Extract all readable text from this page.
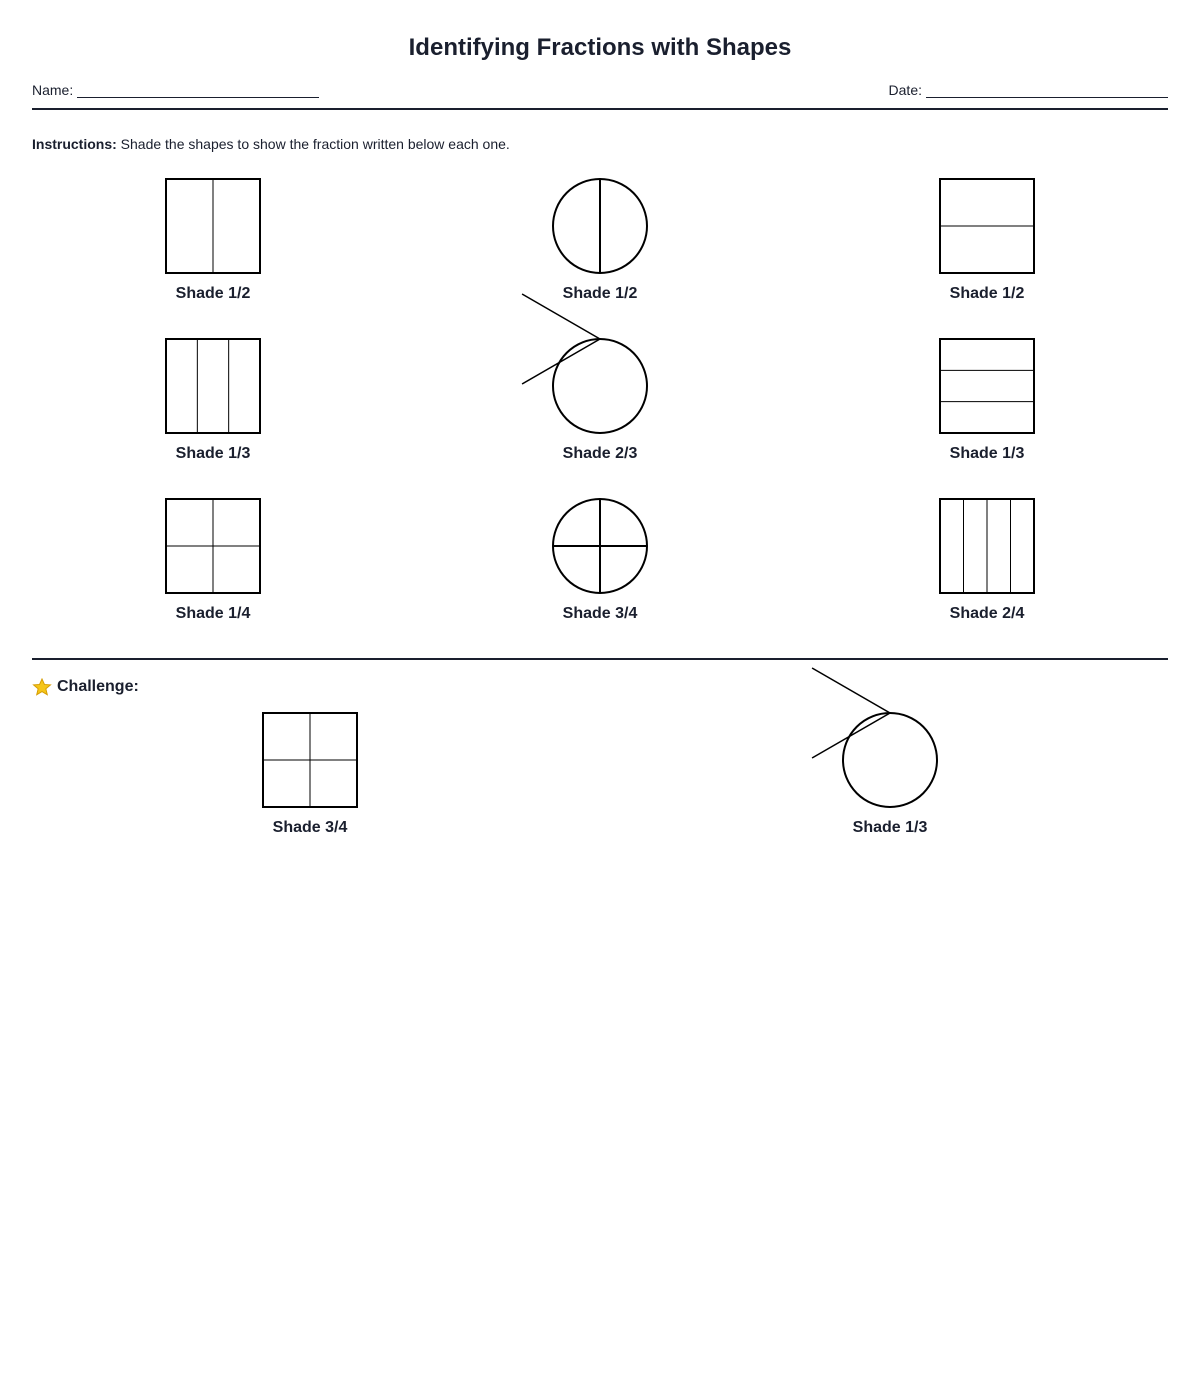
Identifying Fractions with Shapes
Name:	Date:
Instructions: Shade the shapes to show the fraction written below each one.
Shade 1/2	Shade 1/2	Shade 1/2
Shade 1/3	Shade 2/3	Shade 1/3
Shade 1/4	Shade 3/4	Shade 2/4
Challenge:
Shade 3/4	Shade 1/3
